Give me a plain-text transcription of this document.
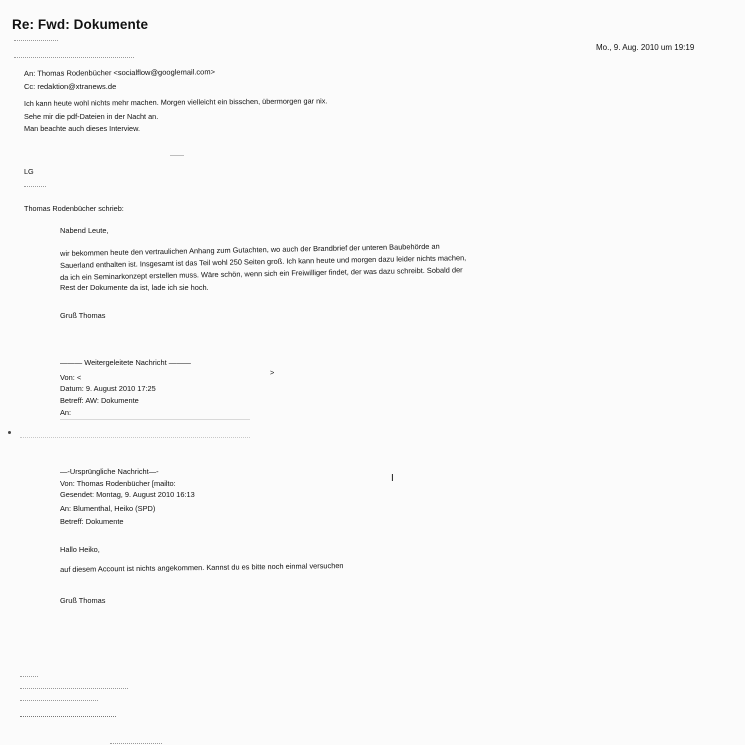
Re: Fwd: Dokumente
Mo., 9. Aug. 2010 um 19:19
An: Thomas Rodenbücher <socialflow@googlemail.com>
Cc: redaktion@xtranews.de
Ich kann heute wohl nichts mehr machen. Morgen vielleicht ein bisschen, übermorgen gar nix.
Sehe mir die pdf-Dateien in der Nacht an.
Man beachte auch dieses Interview.
LG
Thomas Rodenbücher schrieb:
Nabend Leute,
wir bekommen heute den vertraulichen Anhang zum Gutachten, wo auch der Brandbrief der unteren Baubehörde an
Sauerland enthalten ist. Insgesamt ist das Teil wohl 250 Seiten groß. Ich kann heute und morgen dazu leider nichts machen,
da ich ein Seminarkonzept erstellen muss. Wäre schön, wenn sich ein Freiwilliger findet, der was dazu schreibt. Sobald der
Rest der Dokumente da ist, lade ich sie hoch.
Gruß Thomas
——— Weitergeleitete Nachricht ———
Von: <
>
Datum: 9. August 2010 17:25
Betreff: AW: Dokumente
An:
—-Ursprüngliche Nachricht—-
I
Von: Thomas Rodenbücher [mailto:
Gesendet: Montag, 9. August 2010 16:13
An: Blumenthal, Heiko (SPD)
Betreff: Dokumente
Hallo Heiko,
auf diesem Account ist nichts angekommen. Kannst du es bitte noch einmal versuchen
Gruß Thomas
